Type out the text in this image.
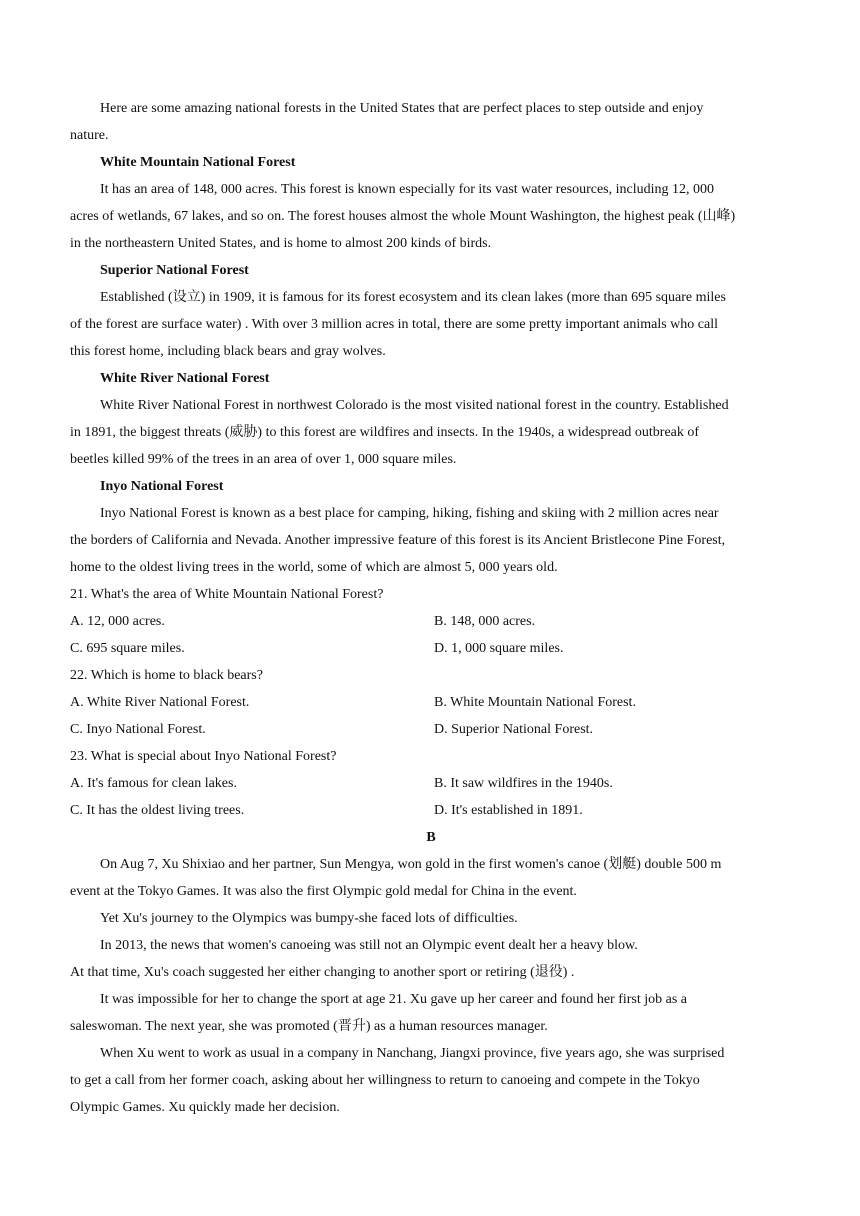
Here are some amazing national forests in the United States that are perfect places to step outside and enjoy
nature.
White Mountain National Forest
It has an area of 148, 000 acres. This forest is known especially for its vast water resources, including 12, 000
acres of wetlands, 67 lakes, and so on. The forest houses almost the whole Mount Washington, the highest peak (山峰)
in the northeastern United States, and is home to almost 200 kinds of birds.
Superior National Forest
Established (设立) in 1909, it is famous for its forest ecosystem and its clean lakes (more than 695 square miles
of the forest are surface water) . With over 3 million acres in total, there are some pretty important animals who call
this forest home, including black bears and gray wolves.
White River National Forest
White River National Forest in northwest Colorado is the most visited national forest in the country. Established
in 1891, the biggest threats (威胁) to this forest are wildfires and insects. In the 1940s, a widespread outbreak of
beetles killed 99% of the trees in an area of over 1, 000 square miles.
Inyo National Forest
Inyo National Forest is known as a best place for camping, hiking, fishing and skiing with 2 million acres near
the borders of California and Nevada. Another impressive feature of this forest is its Ancient Bristlecone Pine Forest,
home to the oldest living trees in the world, some of which are almost 5, 000 years old.
21. What's the area of White Mountain National Forest?
A. 12, 000 acres.	B. 148, 000 acres.
C. 695 square miles.	D. 1, 000 square miles.
22. Which is home to black bears?
A. White River National Forest.	B. White Mountain National Forest.
C. Inyo National Forest.	D. Superior National Forest.
23. What is special about Inyo National Forest?
A. It's famous for clean lakes.	B. It saw wildfires in the 1940s.
C. It has the oldest living trees.	D. It's established in 1891.
B
On Aug 7, Xu Shixiao and her partner, Sun Mengya, won gold in the first women's canoe (划艇) double 500 m
event at the Tokyo Games. It was also the first Olympic gold medal for China in the event.
Yet Xu's journey to the Olympics was bumpy-she faced lots of difficulties.
In 2013, the news that women's canoeing was still not an Olympic event dealt her a heavy blow.
At that time, Xu's coach suggested her either changing to another sport or retiring (退役) .
It was impossible for her to change the sport at age 21. Xu gave up her career and found her first job as a
saleswoman. The next year, she was promoted (晋升) as a human resources manager.
When Xu went to work as usual in a company in Nanchang, Jiangxi province, five years ago, she was surprised
to get a call from her former coach, asking about her willingness to return to canoeing and compete in the Tokyo
Olympic Games. Xu quickly made her decision.
